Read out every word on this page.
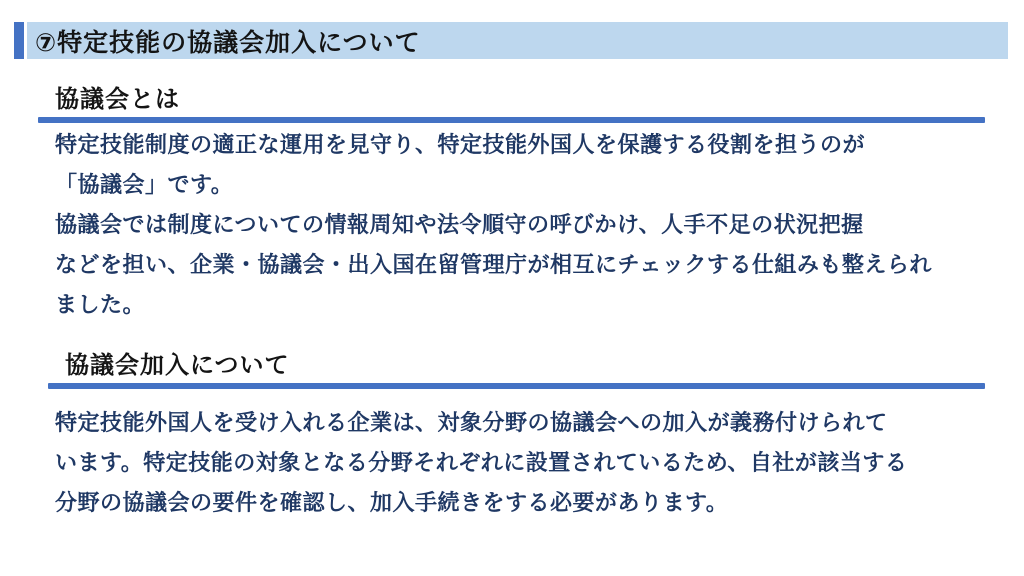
⑦特定技能の協議会加入について
協議会とは
特定技能制度の適正な運用を見守り、特定技能外国人を保護する役割を担うのが
「協議会」です。
協議会では制度についての情報周知や法令順守の呼びかけ、人手不足の状況把握
などを担い、企業・協議会・出入国在留管理庁が相互にチェックする仕組みも整えられ
ました。
協議会加入について
特定技能外国人を受け入れる企業は、対象分野の協議会への加入が義務付けられて
います。特定技能の対象となる分野それぞれに設置されているため、自社が該当する
分野の協議会の要件を確認し、加入手続きをする必要があります。
